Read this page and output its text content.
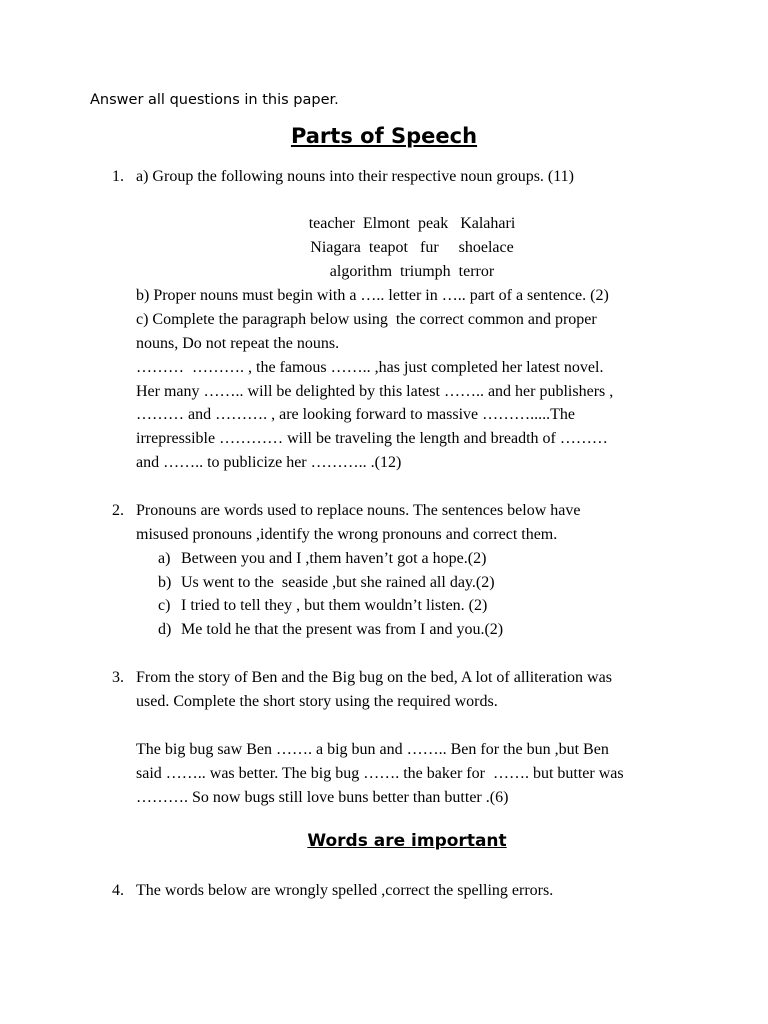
Answer all questions in this paper.
Parts of Speech
1. a) Group the following nouns into their respective noun groups. (11)
teacher  Elmont  peak   Kalahari
Niagara  teapot   fur     shoelace
algorithm  triumph  terror
b) Proper nouns must begin with a ….. letter in ….. part of a sentence. (2)
c) Complete the paragraph below using  the correct common and proper
nouns, Do not repeat the nouns.
………  ………. , the famous …….. ,has just completed her latest novel.
Her many …….. will be delighted by this latest …….. and her publishers ,
……… and ………. , are looking forward to massive ……….....The
irrepressible ………… will be traveling the length and breadth of ………
and …….. to publicize her ……….. .(12)
2. Pronouns are words used to replace nouns. The sentences below have
misused pronouns ,identify the wrong pronouns and correct them.
a) Between you and I ,them haven’t got a hope.(2)
b) Us went to the  seaside ,but she rained all day.(2)
c) I tried to tell they , but them wouldn’t listen. (2)
d) Me told he that the present was from I and you.(2)
3. From the story of Ben and the Big bug on the bed, A lot of alliteration was
used. Complete the short story using the required words.
The big bug saw Ben ……. a big bun and …….. Ben for the bun ,but Ben
said …….. was better. The big bug ……. the baker for  ……. but butter was
………. So now bugs still love buns better than butter .(6)
Words are important
4. The words below are wrongly spelled ,correct the spelling errors.
